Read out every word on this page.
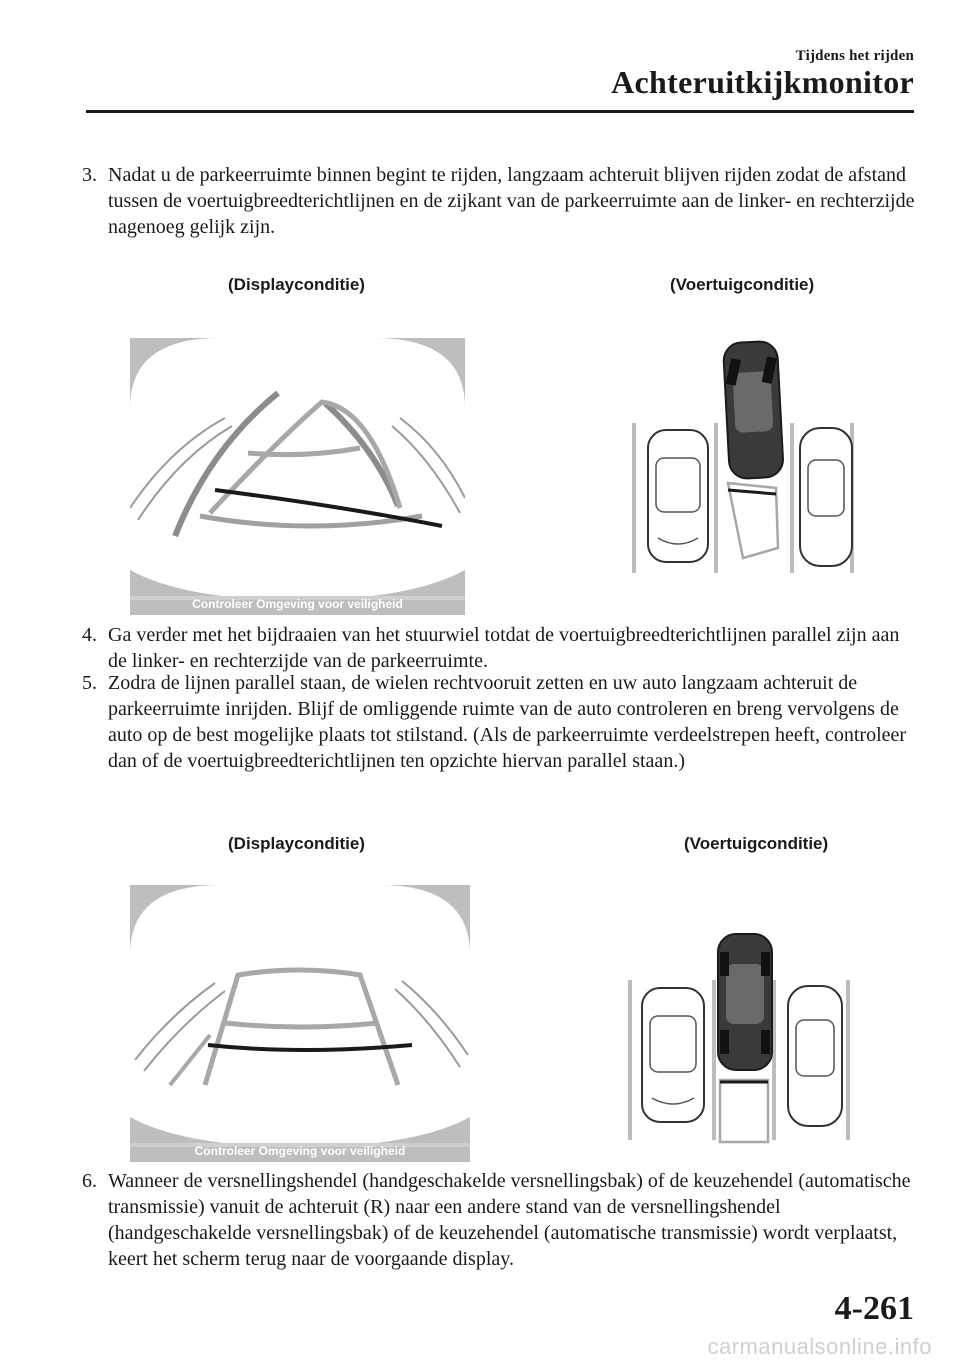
Tijdens het rijden
Achteruitkijkmonitor
3. Nadat u de parkeerruimte binnen begint te rijden, langzaam achteruit blijven rijden zodat de afstand tussen de voertuigbreedterichtlijnen en de zijkant van de parkeerruimte aan de linker- en rechterzijde nagenoeg gelijk zijn.
(Displayconditie)	(Voertuigconditie)
Controleer Omgeving voor veiligheid
4. Ga verder met het bijdraaien van het stuurwiel totdat de voertuigbreedterichtlijnen parallel zijn aan de linker- en rechterzijde van de parkeerruimte.
5. Zodra de lijnen parallel staan, de wielen rechtvooruit zetten en uw auto langzaam achteruit de parkeerruimte inrijden. Blijf de omliggende ruimte van de auto controleren en breng vervolgens de auto op de best mogelijke plaats tot stilstand. (Als de parkeerruimte verdeelstrepen heeft, controleer dan of de voertuigbreedterichtlijnen ten opzichte hiervan parallel staan.)
(Displayconditie)	(Voertuigconditie)
Controleer Omgeving voor veiligheid
6. Wanneer de versnellingshendel (handgeschakelde versnellingsbak) of de keuzehendel (automatische transmissie) vanuit de achteruit (R) naar een andere stand van de versnellingshendel (handgeschakelde versnellingsbak) of de keuzehendel (automatische transmissie) wordt verplaatst, keert het scherm terug naar de voorgaande display.
4-261
carmanualsonline.info
